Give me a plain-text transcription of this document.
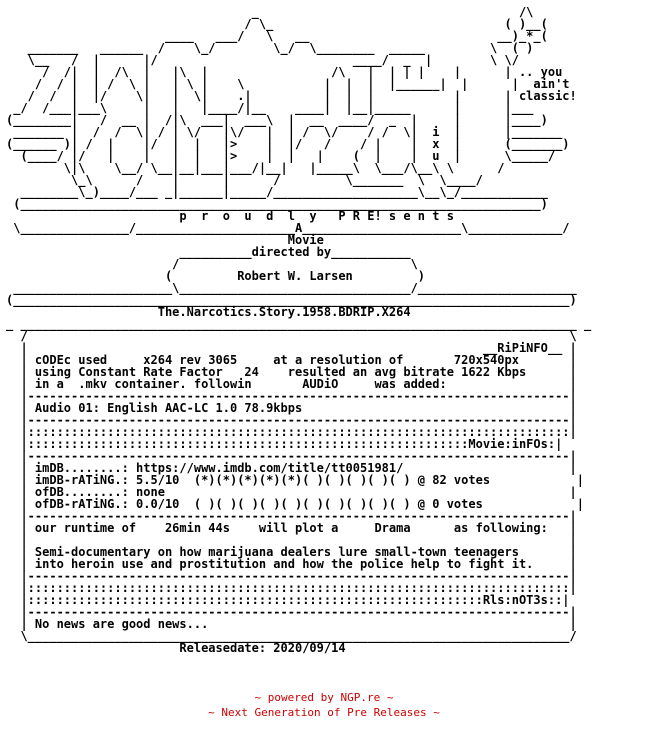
_                                    /\
/ \_                                ( )__(
____   ___/   \   __                          __)_*_(
_______   ______  /    \_/        \_/  \________  _____         \  ( )
\__   /  |      |/                           ____/  _  |        \ \/
/  /|  |  /\  |   |\  |                 /\   |  | | |    |      | .. you
/  / |  | /  \ |   | \ |    \           |  |  |  |______|  |      |  ain't
/  /  |  |/    \|   |  \|    .|          |  |  |           |      | classic!
_/  /___|___\     |   |   |____/|__    ____|  |__|_____      |      |___
(________|   /  __ |  /|\  ___|  ___\  |  __  ____/  _  |     |      |____)
_______ |  /  /  \| / | \/   |\/   |  | /  \/    / /  \|  i  |      |_______
(______ )| /  |    |/  |  |   |>    |  |/   /    / |    |  x  |      (_______)
(____/ |/   |    |   |  |   |>    |  |   |    (  |    |  u  |      \_____/
\|\    \__/ \__|__|___|___/|__|   |_____\  \___/\__\ \      /
\_\      /    |      |      /         \_______  \  \____/
________\_)____/___ _|______|_____/____________________\__\_/____________
(________________________________________________________________________)
p  r  o  u  d  l  y   P R E! s e n t s
\_______________/______________________A______________________\_____________/
Movie
__________directed by___________
/                                \
(         Robert W. Larsen         )
______________________\________________________________/______________________
(_____________________________________________________________________________)
The.Narcotics.Story.1958.BDRIP.X264
_ _____________________________________________________________________________ _
/                                                                           \
|                                                               __RiPiNFO__ |
| cODEc used     x264 rev 3065     at a resolution of       720x540px       |
| using Constant Rate Factor   24    resulted an avg bitrate 1622 Kbps      |
| in a  .mkv container. followin       AUDiO     was added:                 |
|---------------------------------------------------------------------------|
| Audio 01: English AAC-LC 1.0 78.9kbps                                     |
|---------------------------------------------------------------------------|
|:::::::::::::::::::::::::::::::::::::::::::::::::::::::::::::::::::::::::::|
|:::::::::::::::::::::::::::::::::::::::::::::::::::::::::::::Movie:inFOs:|
|---------------------------------------------------------------------------|
| imDB........: https://www.imdb.com/title/tt0051981/                       |
| imDB-rATiNG.: 5.5/10  (*)(*)(*)(*)(*)( )( )( )( )( ) @ 82 votes            |
| ofDB........: none                                                        |
| ofDB-rATiNG.: 0.0/10  ( )( )( )( )( )( )( )( )( )( ) @ 0 votes             |
|---------------------------------------------------------------------------|
| our runtime of    26min 44s    will plot a     Drama      as following:   |
|                                                                           |
| Semi-documentary on how marijuana dealers lure small-town teenagers       |
| into heroin use and prostitution and how the police help to fight it.     |
|---------------------------------------------------------------------------|
|:::::::::::::::::::::::::::::::::::::::::::::::::::::::::::::::::::::::::::|
|:::::::::::::::::::::::::::::::::::::::::::::::::::::::::::::::Rls:nOT3s::|
|---------------------------------------------------------------------------|
| No news are good news...                                                  |
\___________________________________________________________________________/
Releasedate: 2020/09/14
~ powered by NGP.re ~
~ Next Generation of Pre Releases ~
